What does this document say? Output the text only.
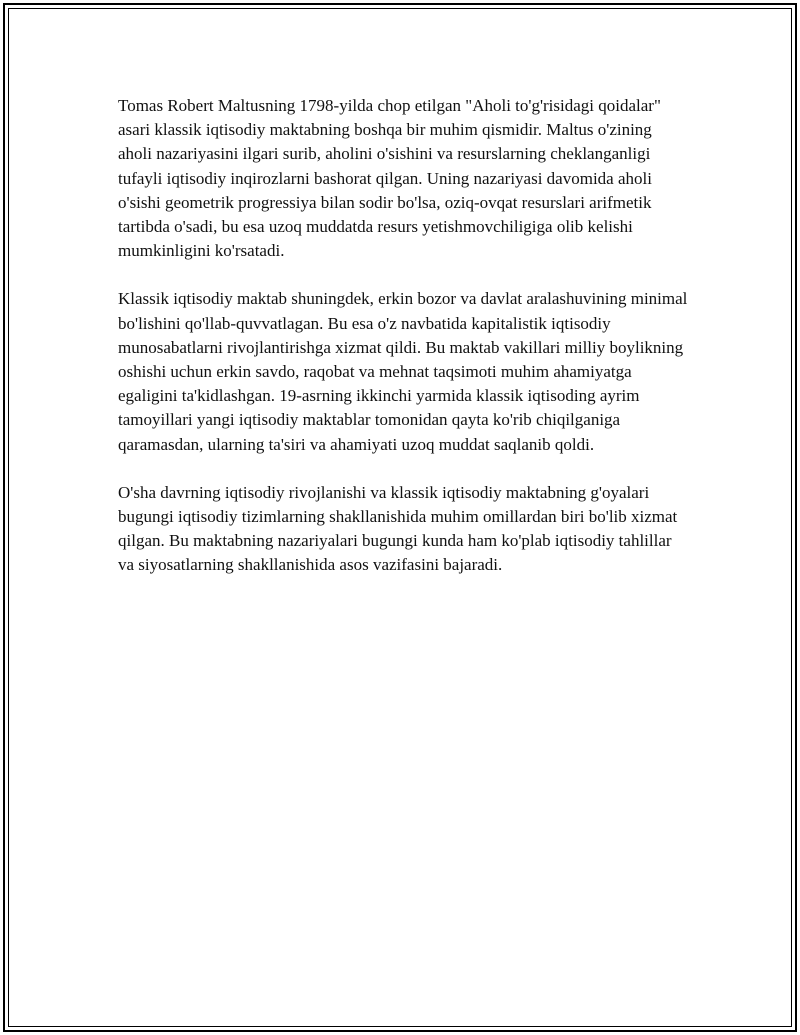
Tomas Robert Maltusning 1798-yilda chop etilgan "Aholi to'g'risidagi qoidalar" asari klassik iqtisodiy maktabning boshqa bir muhim qismidir. Maltus o'zining aholi nazariyasini ilgari surib, aholini o'sishini va resurslarning cheklanganligi tufayli iqtisodiy inqirozlarni bashorat qilgan. Uning nazariyasi davomida aholi o'sishi geometrik progressiya bilan sodir bo'lsa, oziq-ovqat resurslari arifmetik tartibda o'sadi, bu esa uzoq muddatda resurs yetishmovchiligiga olib kelishi mumkinligini ko'rsatadi.

Klassik iqtisodiy maktab shuningdek, erkin bozor va davlat aralashuvining minimal bo'lishini qo'llab-quvvatlagan. Bu esa o'z navbatida kapitalistik iqtisodiy munosabatlarni rivojlantirishga xizmat qildi. Bu maktab vakillari milliy boylikning oshishi uchun erkin savdo, raqobat va mehnat taqsimoti muhim ahamiyatga egaligini ta'kidlashgan. 19-asrning ikkinchi yarmida klassik iqtisoding ayrim tamoyillari yangi iqtisodiy maktablar tomonidan qayta ko'rib chiqilganiga qaramasdan, ularning ta'siri va ahamiyati uzoq muddat saqlanib qoldi.

O'sha davrning iqtisodiy rivojlanishi va klassik iqtisodiy maktabning g'oyalari bugungi iqtisodiy tizimlarning shakllanishida muhim omillardan biri bo'lib xizmat qilgan. Bu maktabning nazariyalari bugungi kunda ham ko'plab iqtisodiy tahlillar va siyosatlarning shakllanishida asos vazifasini bajaradi.
